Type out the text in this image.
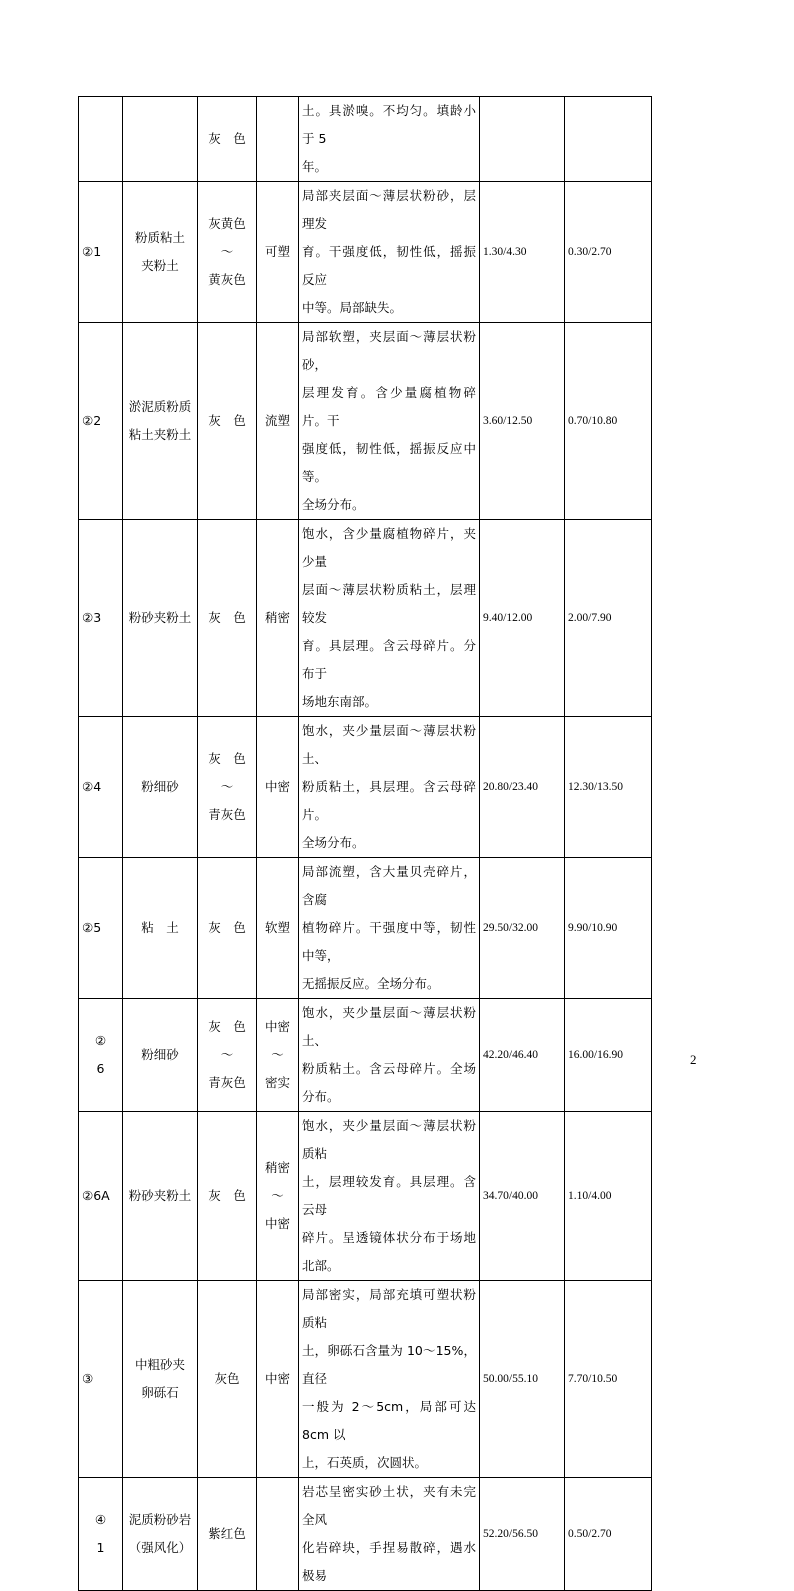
		灰　色		土。具淤嗅。不均匀。填龄小于 5
年。		

②1	粉质粘土
夹粉土	灰黄色
～
黄灰色	可塑	局部夹层面～薄层状粉砂，层理发
育。干强度低，韧性低，摇振反应
中等。局部缺失。	1.30/4.30	0.30/2.70
②2	淤泥质粉质
粘土夹粉土	灰　色	流塑	局部软塑，夹层面～薄层状粉砂，
层理发育。含少量腐植物碎片。干
强度低，韧性低，摇振反应中等。
全场分布。	3.60/12.50	0.70/10.80
②3	粉砂夹粉土	灰　色	稍密	饱水，含少量腐植物碎片，夹少量
层面～薄层状粉质粘土，层理较发
育。具层理。含云母碎片。分布于
场地东南部。	9.40/12.00	2.00/7.90
②4	粉细砂	灰　色
～
青灰色	中密	饱水，夹少量层面～薄层状粉土、
粉质粘土，具层理。含云母碎片。
全场分布。	20.80/23.40	12.30/13.50
②5	粘　土	灰　色	软塑	局部流塑，含大量贝壳碎片，含腐
植物碎片。干强度中等，韧性中等，
无摇振反应。全场分布。	29.50/32.00	9.90/10.90

②
6	粉细砂	灰　色
～
青灰色	中密
～
密实	饱水，夹少量层面～薄层状粉土、
粉质粘土。含云母碎片。全场分布。	42.20/46.40	16.00/16.90
②6A	粉砂夹粉土	灰　色	稍密
～
中密	饱水，夹少量层面～薄层状粉质粘
土，层理较发育。具层理。含云母
碎片。呈透镜体状分布于场地北部。	34.70/40.00	1.10/4.00
③	中粗砂夹
卵砾石	灰色	中密	局部密实，局部充填可塑状粉质粘
土，卵砾石含量为 10～15%，直径
一般为 2～5cm，局部可达 8cm 以
上，石英质，次圆状。	50.00/55.10	7.70/10.50

④
1	泥质粉砂岩
（强风化）	紫红色		岩芯呈密实砂土状，夹有未完全风
化岩碎块，手捏易散碎，遇水极易	52.20/56.50	0.50/2.70
2
